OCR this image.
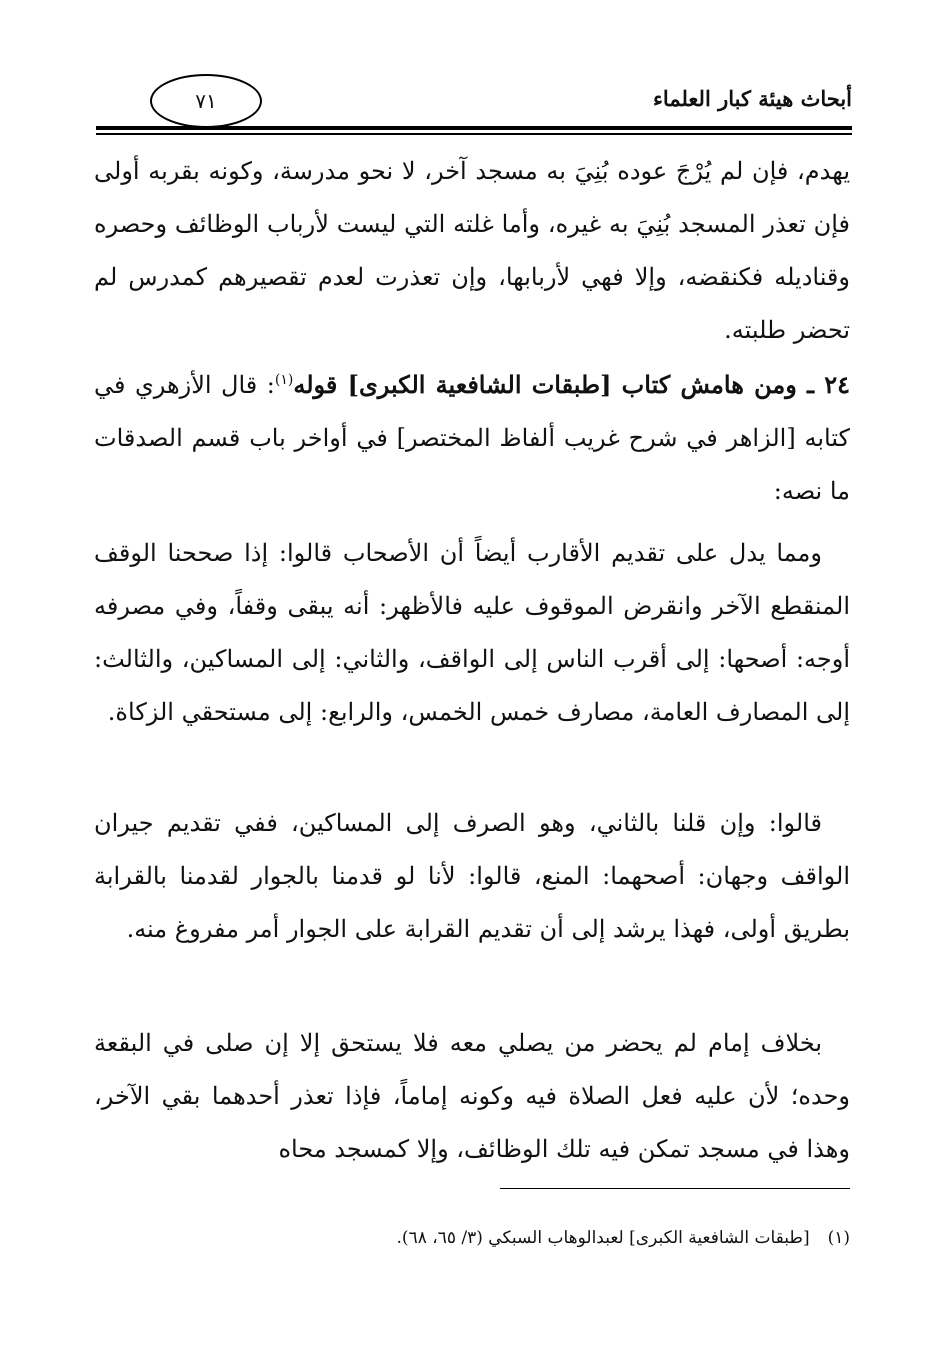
أبحاث هيئة كبار العلماء
٧١

يهدم، فإن لم يُرْجَ عوده بُنِيَ به مسجد آخر، لا نحو مدرسة، وكونه بقربه أولى فإن تعذر المسجد بُنِيَ به غيره، وأما غلته التي ليست لأرباب الوظائف وحصره وقناديله فكنقضه، وإلا فهي لأربابها، وإن تعذرت لعدم تقصيرهم كمدرس لم تحضر طلبته.

٢٤ ـ ومن هامش كتاب [طبقات الشافعية الكبرى] قوله$^{(١)}$: قال الأزهري في كتابه [الزاهر في شرح غريب ألفاظ المختصر] في أواخر باب قسم الصدقات ما نصه:

ومما يدل على تقديم الأقارب أيضاً أن الأصحاب قالوا: إذا صححنا الوقف المنقطع الآخر وانقرض الموقوف عليه فالأظهر: أنه يبقى وقفاً، وفي مصرفه أوجه: أصحها: إلى أقرب الناس إلى الواقف، والثاني: إلى المساكين، والثالث: إلى المصارف العامة، مصارف خمس الخمس، والرابع: إلى مستحقي الزكاة.

قالوا: وإن قلنا بالثاني، وهو الصرف إلى المساكين، ففي تقديم جيران الواقف وجهان: أصحهما: المنع، قالوا: لأنا لو قدمنا بالجوار لقدمنا بالقرابة بطريق أولى، فهذا يرشد إلى أن تقديم القرابة على الجوار أمر مفروغ منه.

بخلاف إمام لم يحضر من يصلي معه فلا يستحق إلا إن صلى في البقعة وحده؛ لأن عليه فعل الصلاة فيه وكونه إماماً، فإذا تعذر أحدهما بقي الآخر، وهذا في مسجد تمكن فيه تلك الوظائف، وإلا كمسجد محاه

(١)[طبقات الشافعية الكبرى] لعبدالوهاب السبكي (٣/ ٦٥، ٦٨).
